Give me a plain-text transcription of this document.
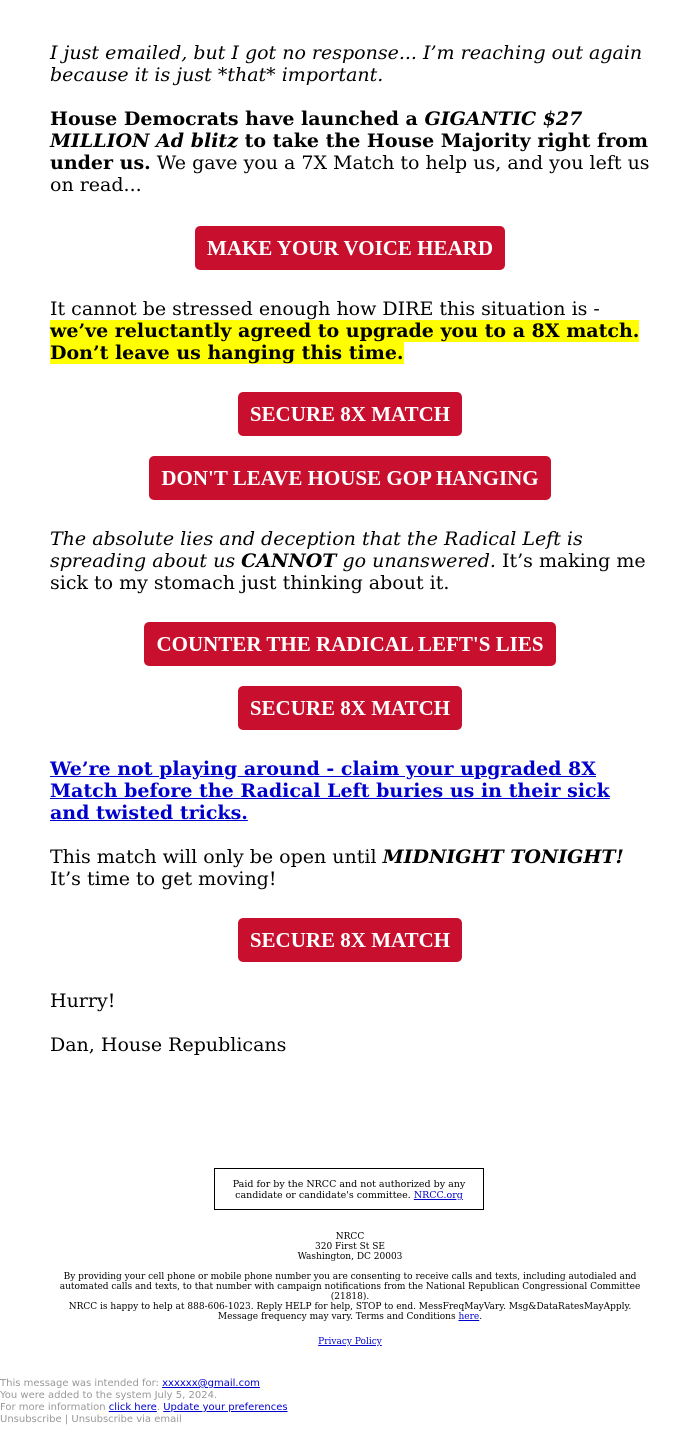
I just emailed, but I got no response... I’m reaching out again because it is just *that* important.

House Democrats have launched a GIGANTIC $27 MILLION Ad blitz to take the House Majority right from under us. We gave you a 7X Match to help us, and you left us on read...

MAKE YOUR VOICE HEARD

It cannot be stressed enough how DIRE this situation is - we’ve reluctantly agreed to upgrade you to a 8X match. Don’t leave us hanging this time.

SECURE 8X MATCH
DON'T LEAVE HOUSE GOP HANGING

The absolute lies and deception that the Radical Left is spreading about us CANNOT go unanswered. It’s making me sick to my stomach just thinking about it.

COUNTER THE RADICAL LEFT'S LIES
SECURE 8X MATCH

We’re not playing around - claim your upgraded 8X Match before the Radical Left buries us in their sick and twisted tricks.

This match will only be open until MIDNIGHT TONIGHT! It’s time to get moving!

SECURE 8X MATCH

Hurry!

Dan, House Republicans

Paid for by the NRCC and not authorized by any candidate or candidate's committee. NRCC.org
NRCC
320 First St SE
Washington, DC 20003
By providing your cell phone or mobile phone number you are consenting to receive calls and texts, including autodialed and automated calls and texts, to that number with campaign notifications from the National Republican Congressional Committee (21818).
NRCC is happy to help at 888-606-1023. Reply HELP for help, STOP to end. MessFreqMayVary. Msg&DataRatesMayApply. Message frequency may vary. Terms and Conditions here.
Privacy Policy
This message was intended for: xxxxxx@gmail.com
You were added to the system July 5, 2024.
For more information click here. Update your preferences
Unsubscribe | Unsubscribe via email
